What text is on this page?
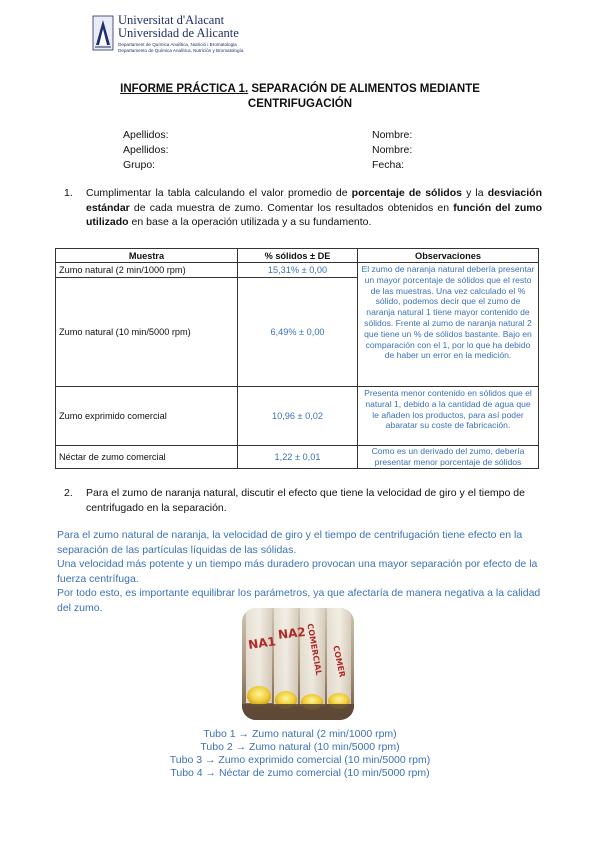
Universitat d'Alacant
Universidad de Alicante
Departament de Química Analítica, Nutrició i Bromatologia
Departamento de Química Analítica, Nutrición y Bromatología
INFORME PRÁCTICA 1. SEPARACIÓN DE ALIMENTOS MEDIANTE
CENTRIFUGACIÓN
Apellidos:	Nombre:
Apellidos:	Nombre:
Grupo:	Fecha:
1. Cumplimentar la tabla calculando el valor promedio de porcentaje de sólidos y la desviación estándar de cada muestra de zumo. Comentar los resultados obtenidos en función del zumo utilizado en base a la operación utilizada y a su fundamento.
Muestra	% sólidos ± DE	Observaciones
Zumo natural (2 min/1000 rpm)	15,31% ± 0,00	El zumo de naranja natural debería presentar un mayor porcentaje de sólidos que el resto de las muestras. Una vez calculado el % sólido, podemos decir que el zumo de naranja natural 1 tiene mayor contenido de sólidos. Frente al zumo de naranja natural 2 que tiene un % de sólidos bastante. Bajo en comparación con el 1, por lo que ha debido de haber un error en la medición.
Zumo natural (10 min/5000 rpm)	6,49% ± 0,00	
Zumo exprimido comercial	10,96 ± 0,02	Presenta menor contenido en sólidos que el natural 1, debido a la cantidad de agua que le añaden los productos, para así poder abaratar su coste de fabricación.
Néctar de zumo comercial	1,22 ± 0,01	Como es un derivado del zumo, debería presentar menor porcentaje de sólidos
2. Para el zumo de naranja natural, discutir el efecto que tiene la velocidad de giro y el tiempo de centrifugado en la separación.

Para el zumo natural de naranja, la velocidad de giro y el tiempo de centrifugación tiene efecto en la separación de las partículas líquidas de las sólidas.

Una velocidad más potente y un tiempo más duradero provocan una mayor separación por efecto de la fuerza centrífuga.

Por todo esto, es importante equilibrar los parámetros, ya que afectaría de manera negativa a la calidad del zumo.

NA1
NA2 COMERCIAL COMER
Tubo 1 → Zumo natural (2 min/1000 rpm)
Tubo 2 → Zumo natural (10 min/5000 rpm)
Tubo 3 → Zumo exprimido comercial (10 min/5000 rpm)
Tubo 4 → Néctar de zumo comercial (10 min/5000 rpm)
